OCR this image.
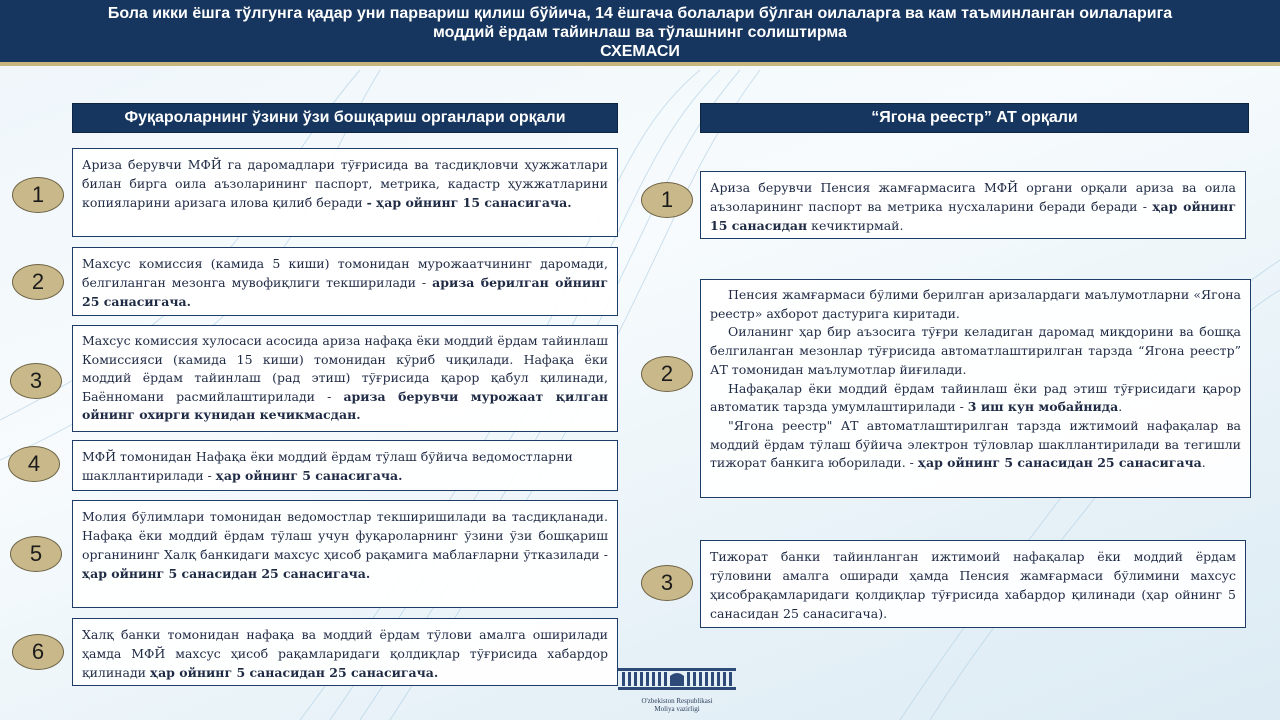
Бола икки ёшга тўлгунга қадар уни парвариш қилиш бўйича, 14 ёшгача болалари бўлган оилаларга ва кам таъминланган оилаларига
моддий ёрдам тайинлаш ва тўлашнинг солиштирма
СХЕМАСИ
Фуқароларнинг ўзини ўзи бошқариш органлари орқали
1

Ариза берувчи МФЙ га даромадлари тўғрисида ва тасдиқловчи ҳужжатлари билан бирга оила аъзоларининг паспорт, метрика, кадастр ҳужжатларини копияларини аризага илова қилиб беради - ҳар ойнинг 15 санасигача.

2

Махсус комиссия (камида 5 киши) томонидан мурожаатчининг даромади, белгиланган мезонга мувофиқлиги текширилади - ариза берилган ойнинг 25 санасигача.

3

Махсус комиссия хулосаси асосида ариза нафақа ёки моддий ёрдам тайинлаш Комиссияси (камида 15 киши) томонидан кўриб чиқилади. Нафақа ёки моддий ёрдам тайинлаш (рад этиш) тўғрисида қарор қабул қилинади, Баённомани расмийлаштирилади - ариза берувчи мурожаат қилган ойнинг охирги кунидан кечикмасдан.

4	МФЙ томонидан Нафақа ёки моддий ёрдам тўлаш бўйича ведомостларни шакллантирилади - ҳар ойнинг 5 санасигача.

5

Молия бўлимлари томонидан ведомостлар текширишилади ва тасдиқланади. Нафақа ёки моддий ёрдам тўлаш учун фуқароларнинг ўзини ўзи бошқариш органининг Халқ банкидаги махсус ҳисоб рақамига маблағларни ўтказилади - ҳар ойнинг 5 санасидан 25 санасигача.

6

Халқ банки томонидан нафақа ва моддий ёрдам тўлови амалга оширилади ҳамда МФЙ махсус ҳисоб рақамларидаги қолдиқлар тўғрисида хабардор қилинади ҳар ойнинг 5 санасидан 25 санасигача.

“Ягона реестр” АТ орқали
1	Ариза берувчи Пенсия жамғармасига МФЙ органи орқали ариза ва оила аъзоларининг паспорт ва метрика нусхаларини беради беради - ҳар ойнинг 15 санасидан кечиктирмай.

2

Пенсия жамғармаси бўлими берилган аризалардаги маълумотларни «Ягона реестр» ахборот дастурига киритади.

Оиланинг ҳар бир аъзосига тўғри келадиган даромад миқдорини ва бошқа белгиланган мезонлар тўғрисида автоматлаштирилган тарзда “Ягона реестр” АТ томонидан маълумотлар йиғилади.

Нафақалар ёки моддий ёрдам тайинлаш ёки рад этиш тўғрисидаги қарор автоматик тарзда умумлаштирилади - 3 иш кун мобайнида.

"Ягона реестр" АТ автоматлаштирилган тарзда ижтимоий нафақалар ва моддий ёрдам тўлаш бўйича электрон тўловлар шакллантирилади ва тегишли тижорат банкига юборилади. - ҳар ойнинг 5 санасидан 25 санасигача.

3

Тижорат банки тайинланган ижтимоий нафақалар ёки моддий ёрдам тўловини амалга оширади ҳамда Пенсия жамғармаси бўлимини махсус ҳисобрақамларидаги қолдиқлар тўғрисида хабардор қилинади (ҳар ойнинг 5 санасидан 25 санасигача).

O'zbekiston Respublikasi
Moliya vazirligi
